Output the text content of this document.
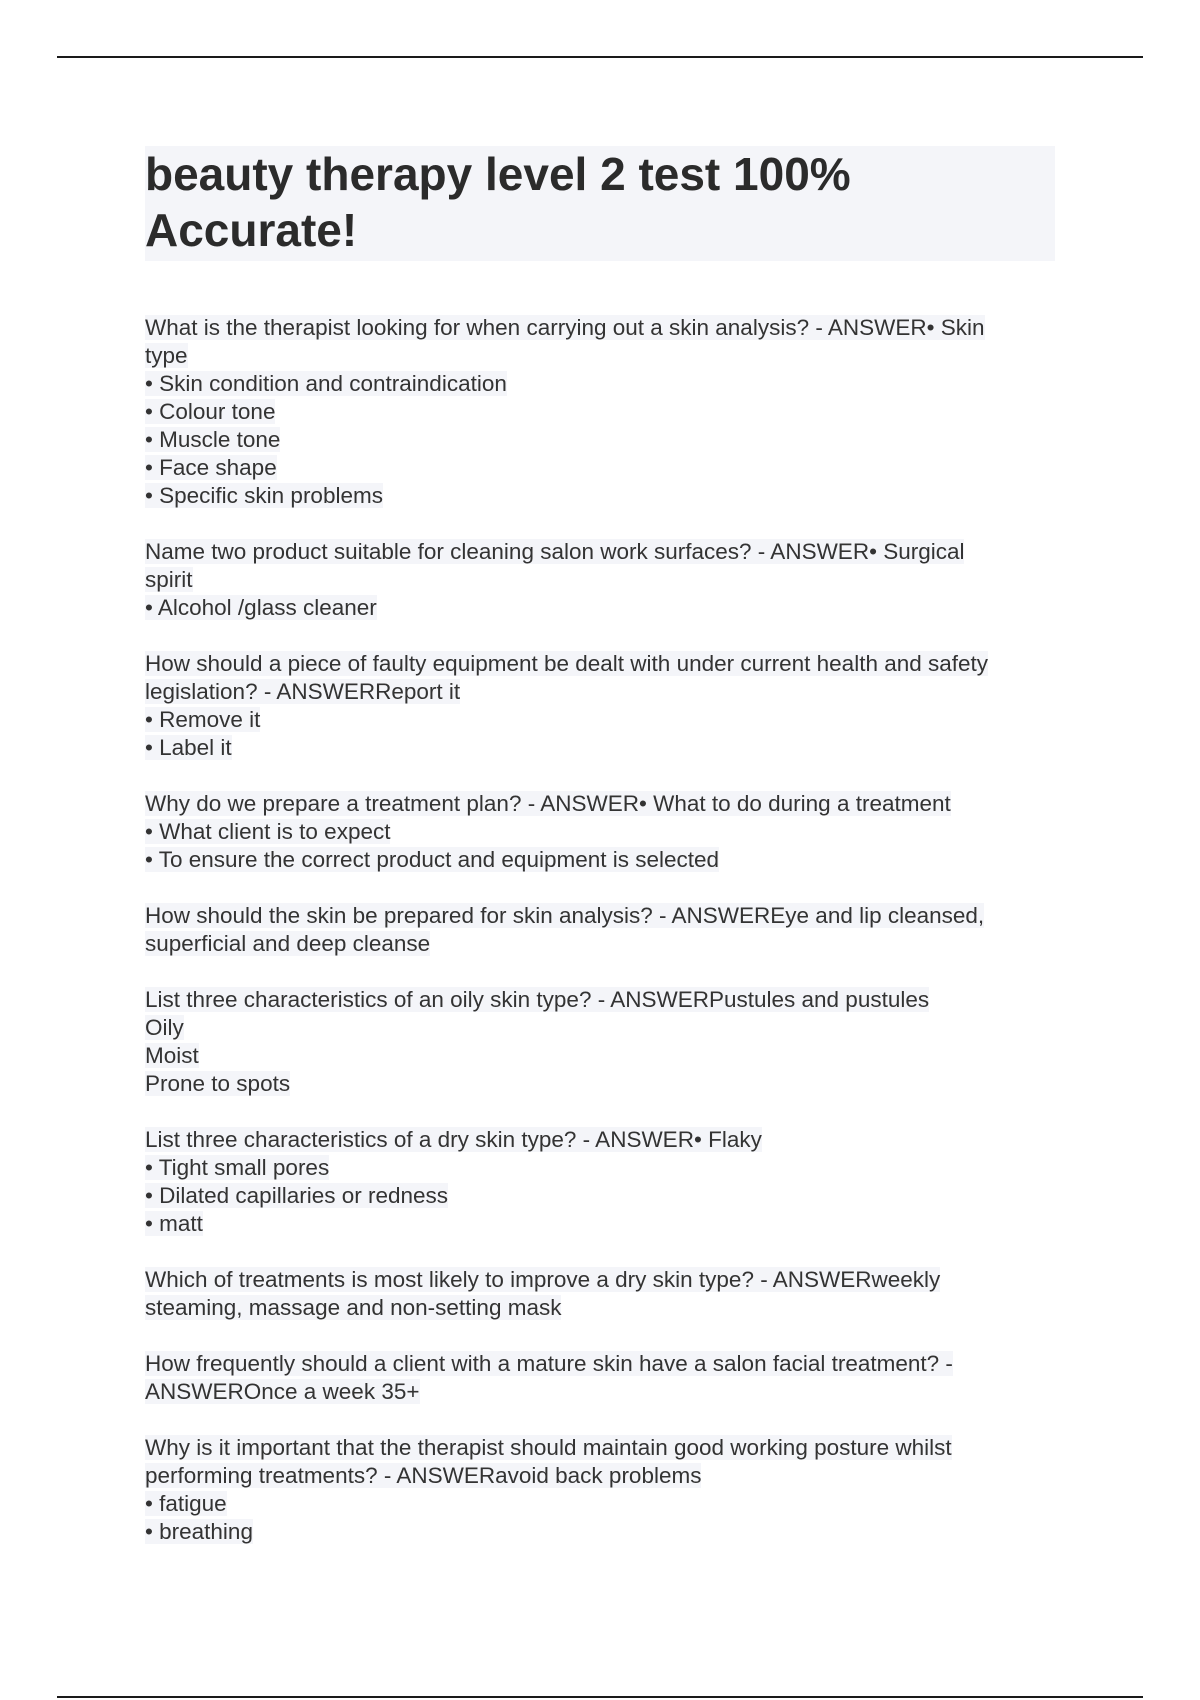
beauty therapy level 2 test 100%
Accurate!
What is the therapist looking for when carrying out a skin analysis? - ANSWER• Skin
type
• Skin condition and contraindication
• Colour tone
• Muscle tone
• Face shape
• Specific skin problems
Name two product suitable for cleaning salon work surfaces? - ANSWER• Surgical
spirit
• Alcohol /glass cleaner
How should a piece of faulty equipment be dealt with under current health and safety
legislation? - ANSWERReport it
• Remove it
• Label it
Why do we prepare a treatment plan? - ANSWER• What to do during a treatment
• What client is to expect
• To ensure the correct product and equipment is selected
How should the skin be prepared for skin analysis? - ANSWEREye and lip cleansed,
superficial and deep cleanse
List three characteristics of an oily skin type? - ANSWERPustules and pustules
Oily
Moist
Prone to spots
List three characteristics of a dry skin type? - ANSWER• Flaky
• Tight small pores
• Dilated capillaries or redness
• matt
Which of treatments is most likely to improve a dry skin type? - ANSWERweekly
steaming, massage and non-setting mask
How frequently should a client with a mature skin have a salon facial treatment? -
ANSWEROnce a week 35+
Why is it important that the therapist should maintain good working posture whilst
performing treatments? - ANSWERavoid back problems
• fatigue
• breathing
